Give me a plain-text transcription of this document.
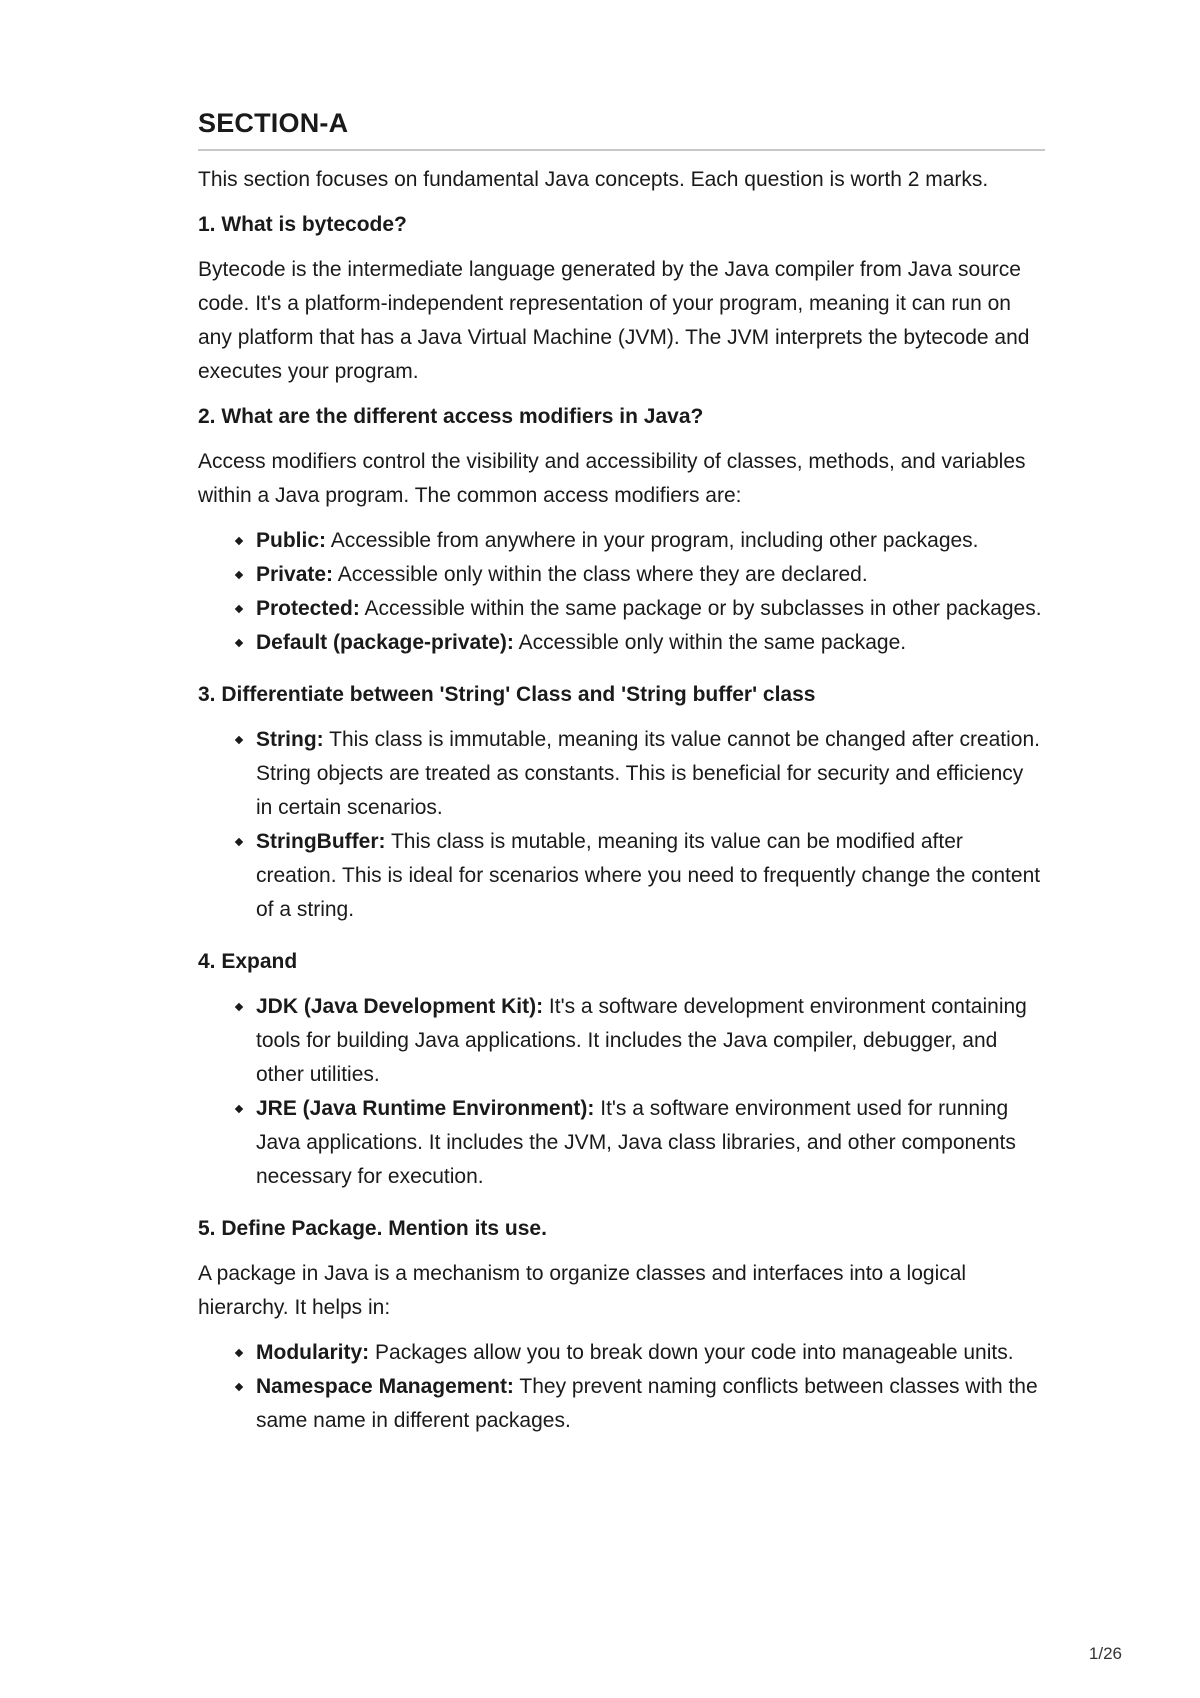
SECTION-A

This section focuses on fundamental Java concepts. Each question is worth 2 marks.

1. What is bytecode?

Bytecode is the intermediate language generated by the Java compiler from Java source code. It's a platform-independent representation of your program, meaning it can run on any platform that has a Java Virtual Machine (JVM). The JVM interprets the bytecode and executes your program.

2. What are the different access modifiers in Java?

Access modifiers control the visibility and accessibility of classes, methods, and variables within a Java program. The common access modifiers are:

Public: Accessible from anywhere in your program, including other packages.
Private: Accessible only within the class where they are declared.
Protected: Accessible within the same package or by subclasses in other packages.
Default (package-private): Accessible only within the same package.

3. Differentiate between 'String' Class and 'String buffer' class

String: This class is immutable, meaning its value cannot be changed after creation. String objects are treated as constants. This is beneficial for security and efficiency in certain scenarios.
StringBuffer: This class is mutable, meaning its value can be modified after creation. This is ideal for scenarios where you need to frequently change the content of a string.

4. Expand

JDK (Java Development Kit): It's a software development environment containing tools for building Java applications. It includes the Java compiler, debugger, and other utilities.
JRE (Java Runtime Environment): It's a software environment used for running Java applications. It includes the JVM, Java class libraries, and other components necessary for execution.

5. Define Package. Mention its use.

A package in Java is a mechanism to organize classes and interfaces into a logical hierarchy. It helps in:

Modularity: Packages allow you to break down your code into manageable units.
Namespace Management: They prevent naming conflicts between classes with the same name in different packages.
1/26
